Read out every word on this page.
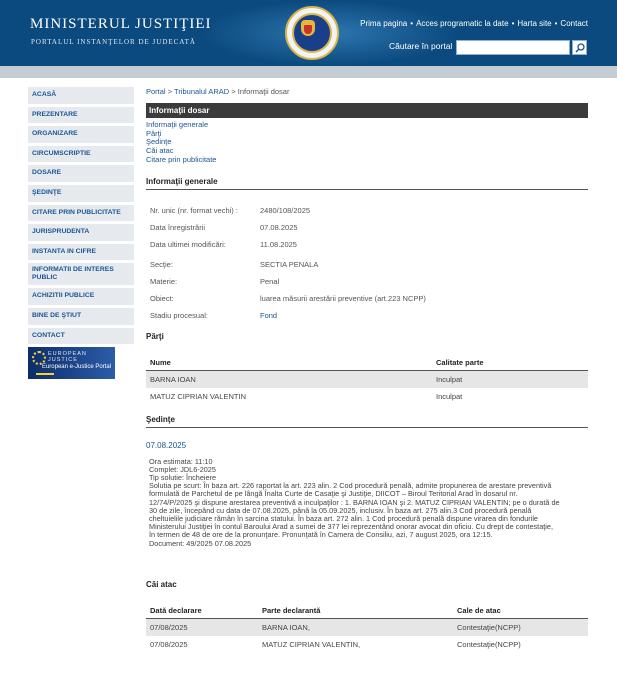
MINISTERUL JUSTIŢIEI
PORTALUL INSTANŢELOR DE JUDECATĂ
Prima pagina • Acces programatic la date • Harta site • Contact
Căutare în portal
ACASĂ
PREZENTARE
ORGANIZARE
CIRCUMSCRIPTIE
DOSARE
ŞEDINŢE
CITARE PRIN PUBLICITATE
JURISPRUDENTA
INSTANTA IN CIFRE
INFORMATII DE INTERES PUBLIC
ACHIZITII PUBLICE
BINE DE ŞTIUT
CONTACT
EUROPEAN JUSTICE
European e-Justice Portal
Portal > Tribunalul ARAD > Informaţii dosar
Informaţii dosar
Informaţii generale
Părţi
Şedinţe
Căi atac
Citare prin publicitate
Informaţii generale
Nr. unic (nr. format vechi) :	2480/108/2025
Data înregistrării	07.08.2025
Data ultimei modificări:	11.08.2025
Secţie:	SECTIA PENALA
Materie:	Penal
Obiect:	luarea măsurii arestării preventive (art.223 NCPP)
Stadiu procesual:	Fond
Părţi
Nume	Calitate parte
BARNA IOAN	Inculpat
MATUZ CIPRIAN VALENTIN	Inculpat
Şedinţe
07.08.2025
Ora estimata: 11:10
Complet: JDL6-2025
Tip solutie: Încheiere
Solutia pe scurt: În baza art. 226 raportat la art. 223 alin. 2 Cod procedură penală, admite propunerea de arestare preventivă
formulată de Parchetul de pe lângă Înalta Curte de Casaţie şi Justiţie, DIICOT – Biroul Teritorial Arad în dosarul nr.
12/74/P/2025 şi dispune arestarea preventivă a inculpaţilor : 1. BARNA IOAN şi 2. MATUZ CIPRIAN VALENTIN; pe o durată de
30 de zile, începând cu data de 07.08.2025, până la 05.09.2025, inclusiv. În baza art. 275 alin.3 Cod procedură penală
cheltuielile judiciare rămân în sarcina statului. În baza art. 272 alin. 1 Cod procedură penală dispune virarea din fondurile
Ministerului Justiţiei în contul Baroului Arad a sumei de 377 lei reprezentând onorar avocat din oficiu. Cu drept de contestaţie,
în termen de 48 de ore de la pronunţare. Pronunţată în Camera de Consiliu, azi, 7 august 2025, ora 12:15.
Document: 49/2025 07.08.2025
Căi atac
Dată declarare	Parte declarantă	Cale de atac
07/08/2025	BARNA IOAN,	Contestaţie(NCPP)
07/08/2025	MATUZ CIPRIAN VALENTIN,	Contestaţie(NCPP)
